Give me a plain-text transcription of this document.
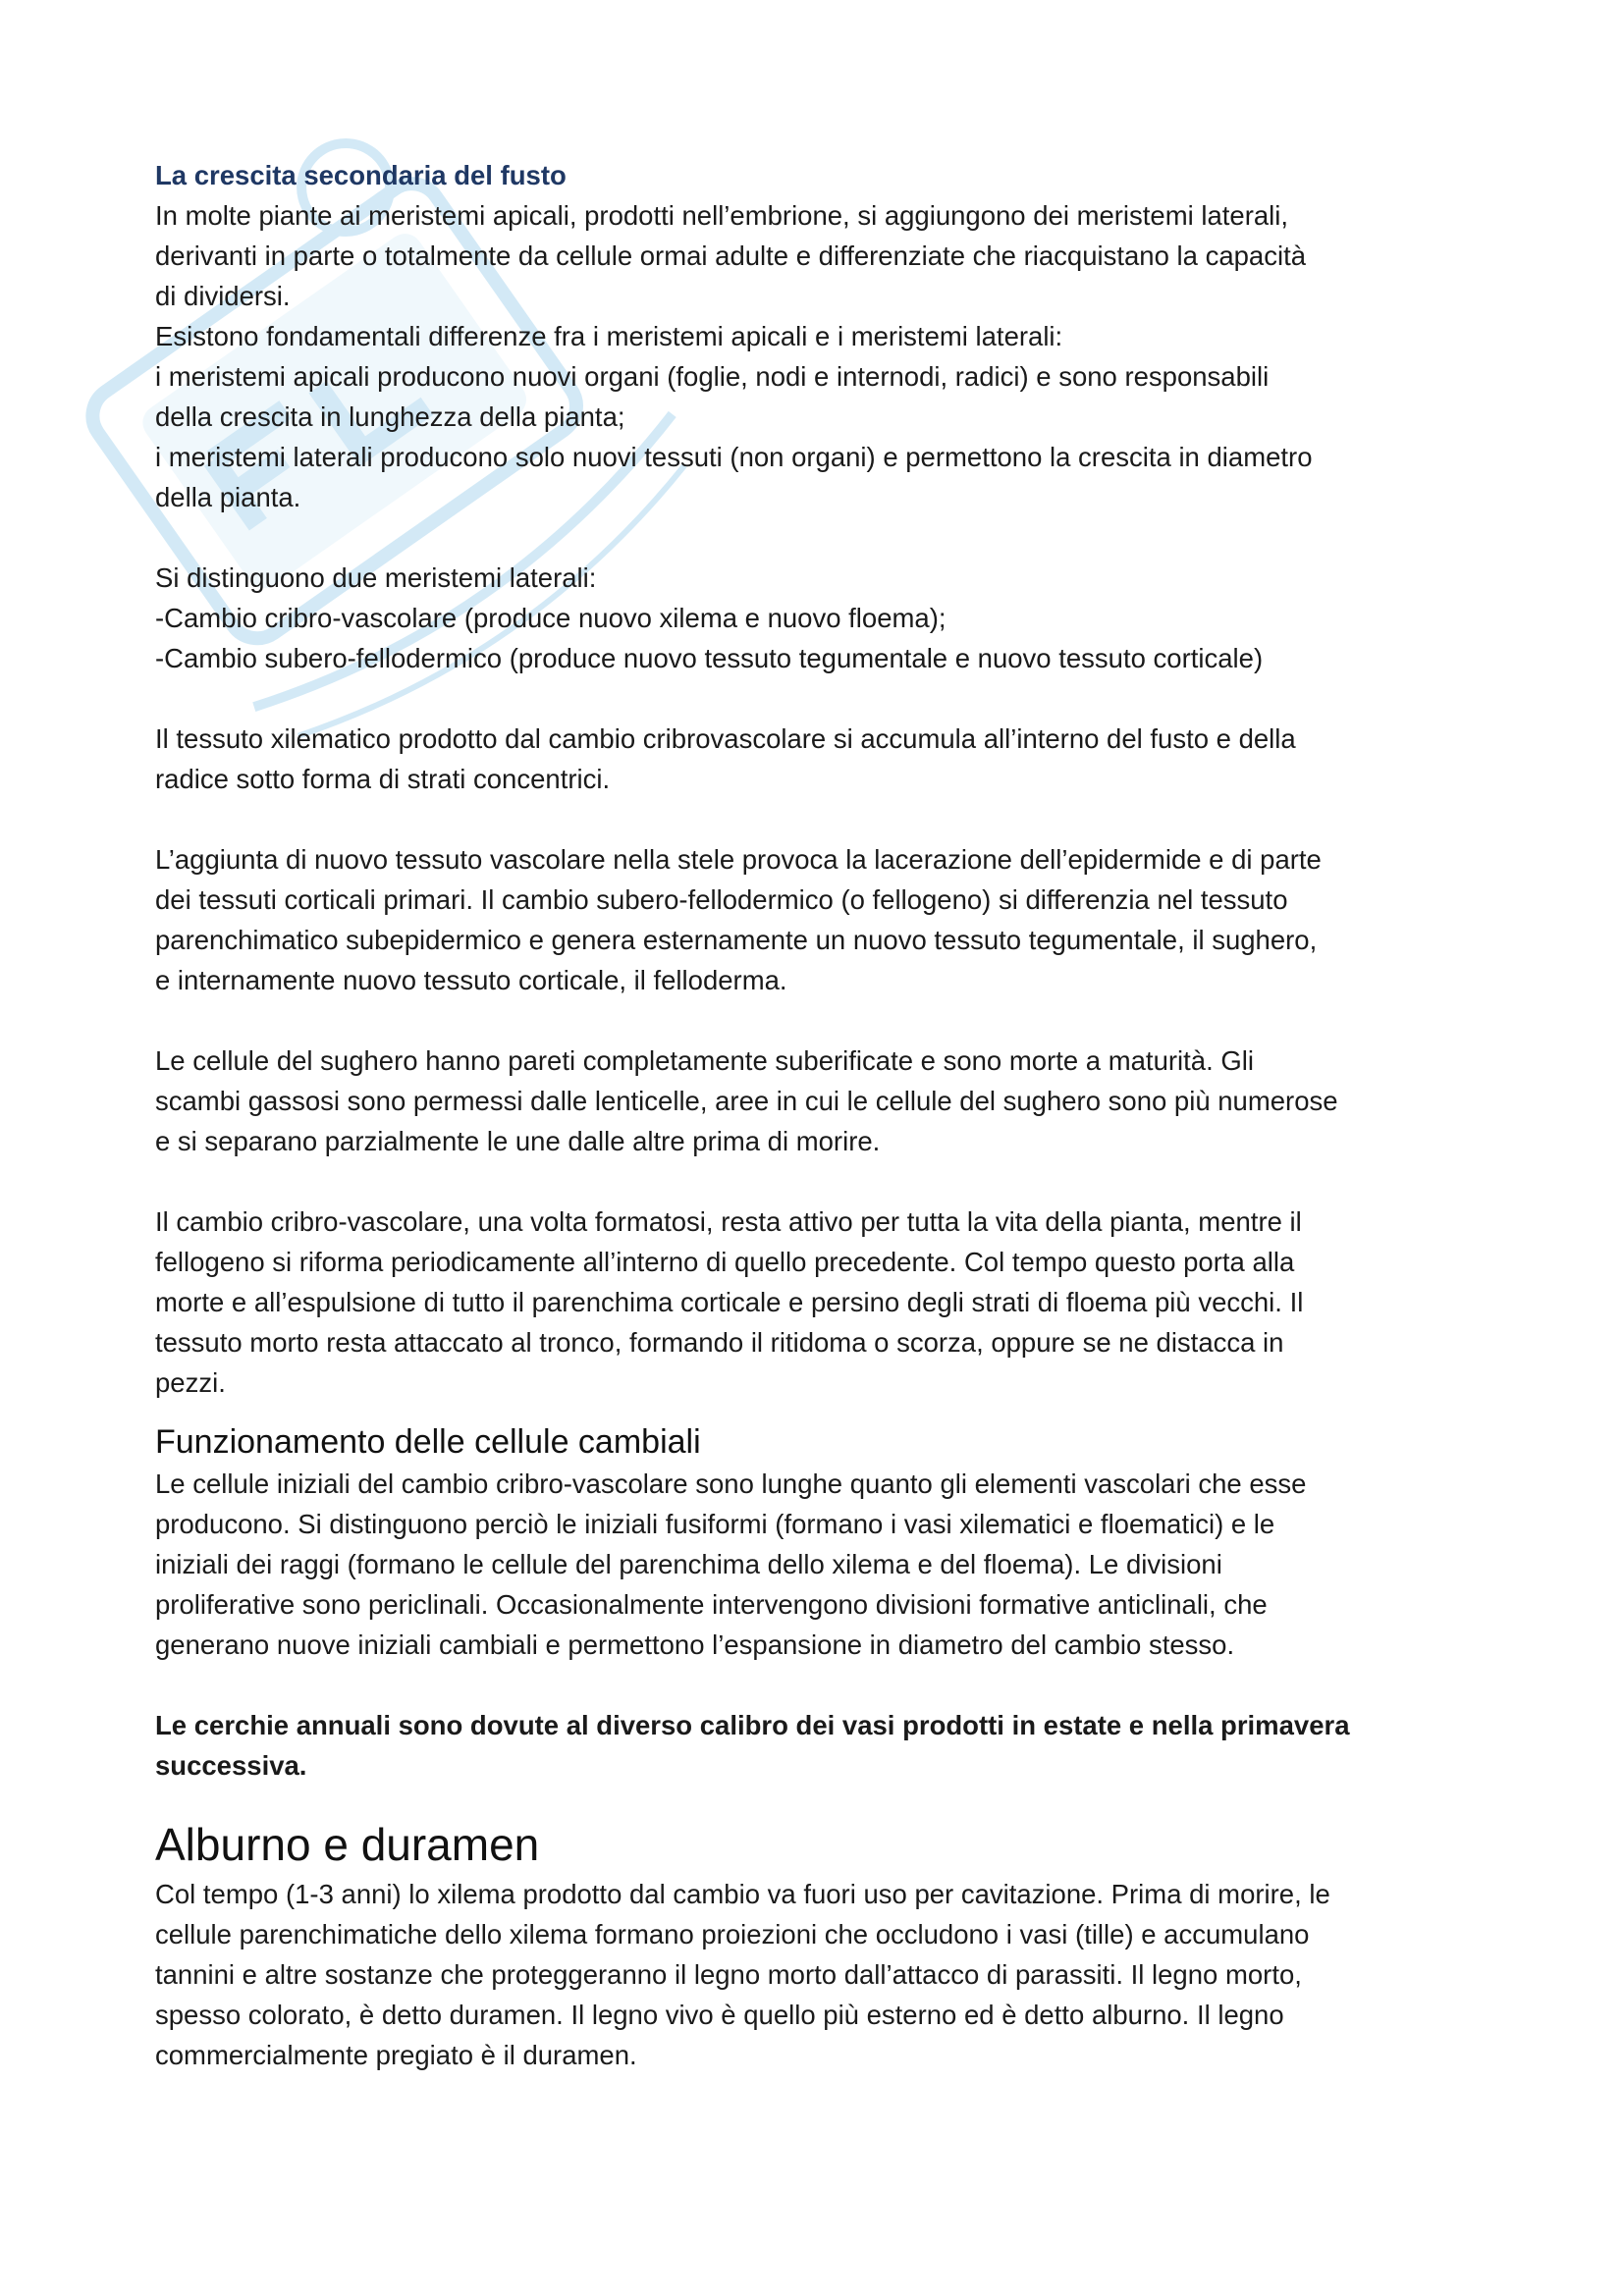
La crescita secondaria del fusto

In molte piante ai meristemi apicali, prodotti nell’embrione, si aggiungono dei meristemi laterali,
derivanti in parte o totalmente da cellule ormai adulte e differenziate che riacquistano la capacità
di dividersi.
Esistono fondamentali differenze fra i meristemi apicali e i meristemi laterali:
i meristemi apicali producono nuovi organi (foglie, nodi e internodi, radici) e sono responsabili
della crescita in lunghezza della pianta;
i meristemi laterali producono solo nuovi tessuti (non organi) e permettono la crescita in diametro
della pianta.

Si distinguono due meristemi laterali:
-Cambio cribro-vascolare (produce nuovo xilema e nuovo floema);
-Cambio subero-fellodermico (produce nuovo tessuto tegumentale e nuovo tessuto corticale)

Il tessuto xilematico prodotto dal cambio cribrovascolare si accumula all’interno del fusto e della
radice sotto forma di strati concentrici.

L’aggiunta di nuovo tessuto vascolare nella stele provoca la lacerazione dell’epidermide e di parte
dei tessuti corticali primari. Il cambio subero-fellodermico (o fellogeno) si differenzia nel tessuto
parenchimatico subepidermico e genera esternamente un nuovo tessuto tegumentale, il sughero,
e internamente nuovo tessuto corticale, il felloderma.

Le cellule del sughero hanno pareti completamente suberificate e sono morte a maturità. Gli
scambi gassosi sono permessi dalle lenticelle, aree in cui le cellule del sughero sono più numerose
e si separano parzialmente le une dalle altre prima di morire.

Il cambio cribro-vascolare, una volta formatosi, resta attivo per tutta la vita della pianta, mentre il
fellogeno si riforma periodicamente all’interno di quello precedente. Col tempo questo porta alla
morte e all’espulsione di tutto il parenchima corticale e persino degli strati di floema più vecchi. Il
tessuto morto resta attaccato al tronco, formando il ritidoma o scorza, oppure se ne distacca in
pezzi.

Funzionamento delle cellule cambiali

Le cellule iniziali del cambio cribro-vascolare sono lunghe quanto gli elementi vascolari che esse
producono. Si distinguono perciò le iniziali fusiformi (formano i vasi xilematici e floematici) e le
iniziali dei raggi (formano le cellule del parenchima dello xilema e del floema). Le divisioni
proliferative sono periclinali. Occasionalmente intervengono divisioni formative anticlinali, che
generano nuove iniziali cambiali e permettono l’espansione in diametro del cambio stesso.

Le cerchie annuali sono dovute al diverso calibro dei vasi prodotti in estate e nella primavera
successiva.

Alburno e duramen

Col tempo (1-3 anni) lo xilema prodotto dal cambio va fuori uso per cavitazione. Prima di morire, le
cellule parenchimatiche dello xilema formano proiezioni che occludono i vasi (tille) e accumulano
tannini e altre sostanze che proteggeranno il legno morto dall’attacco di parassiti. Il legno morto,
spesso colorato, è detto duramen. Il legno vivo è quello più esterno ed è detto alburno. Il legno
commercialmente pregiato è il duramen.
